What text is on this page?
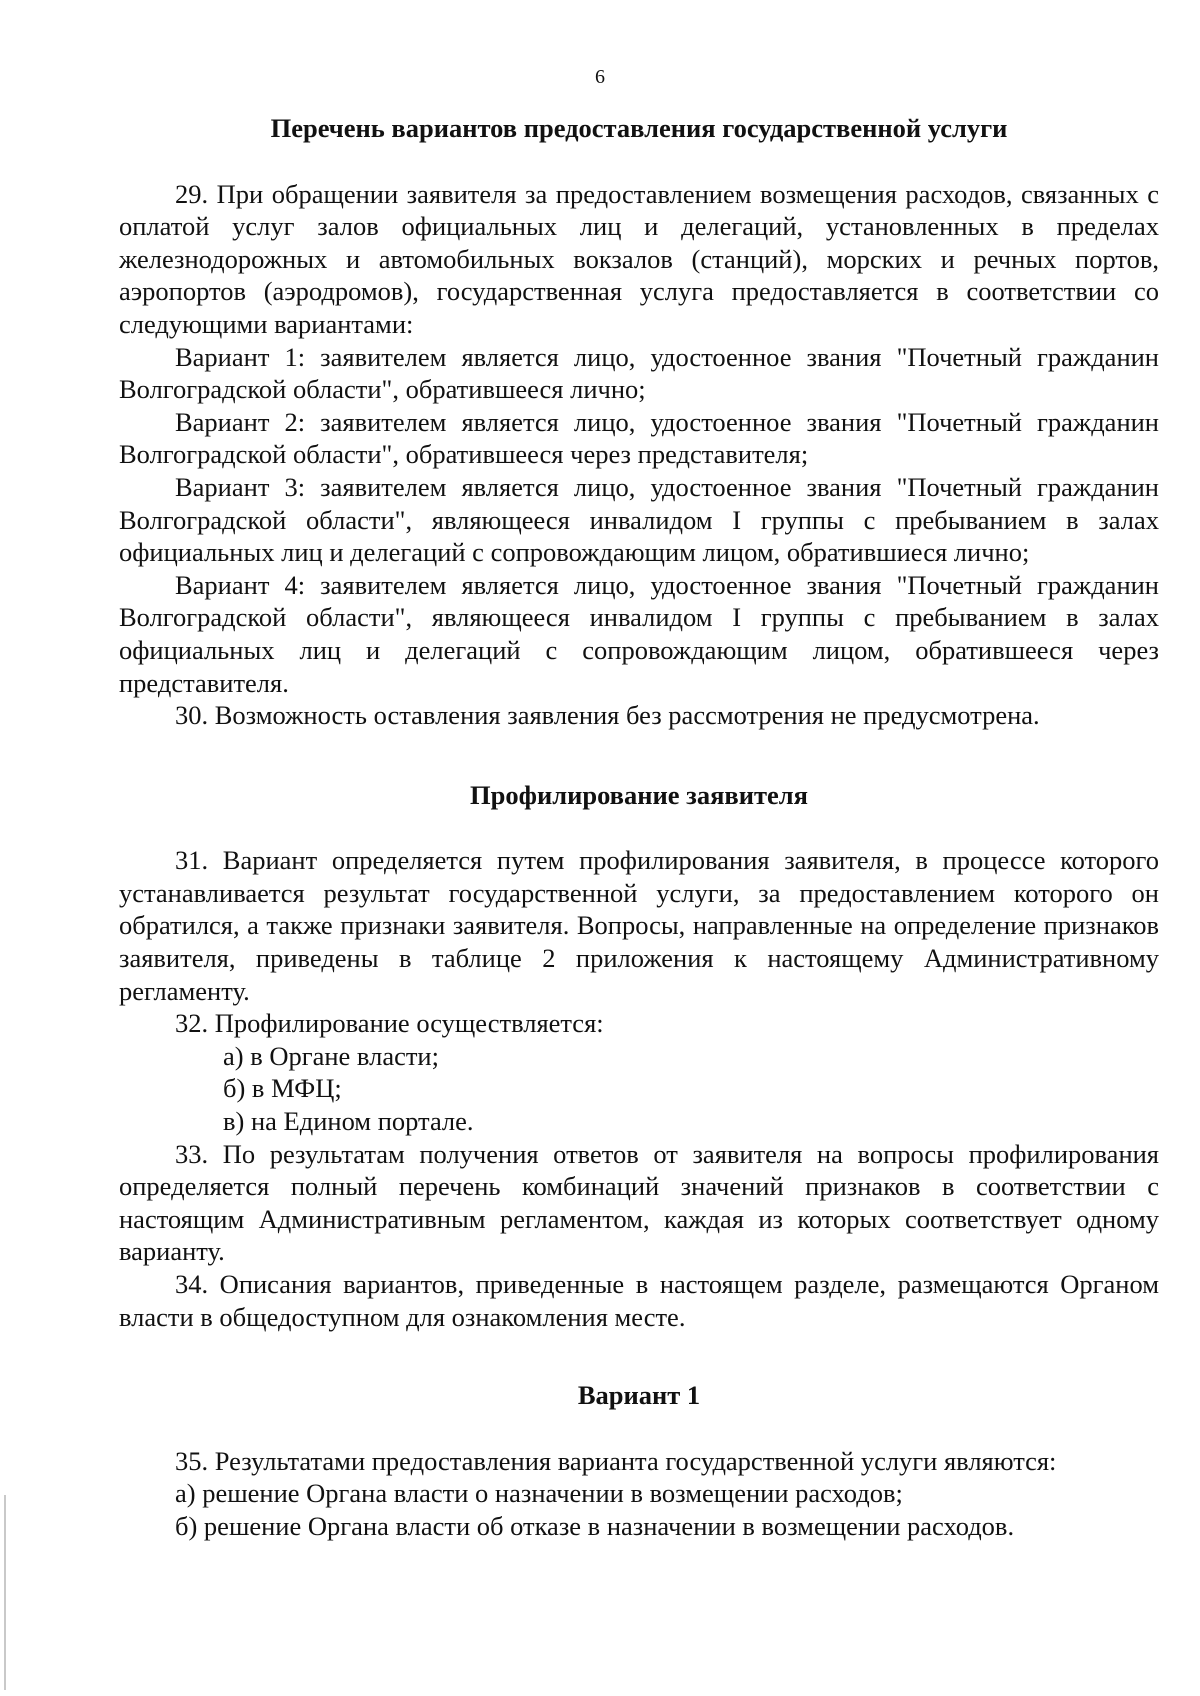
6
Перечень вариантов предоставления государственной услуги

29. При обращении заявителя за предоставлением возмещения расходов, связанных с оплатой услуг залов официальных лиц и делегаций, установленных в пределах железнодорожных и автомобильных вокзалов (станций), морских и речных портов, аэропортов (аэродромов), государственная услуга предоставляется в соответствии со следующими вариантами:

Вариант 1: заявителем является лицо, удостоенное звания "Почетный гражданин Волгоградской области", обратившееся лично;

Вариант 2: заявителем является лицо, удостоенное звания "Почетный гражданин Волгоградской области", обратившееся через представителя;

Вариант 3: заявителем является лицо, удостоенное звания "Почетный гражданин Волгоградской области", являющееся инвалидом I группы с пребыванием в залах официальных лиц и делегаций с сопровождающим лицом, обратившиеся лично;

Вариант 4: заявителем является лицо, удостоенное звания "Почетный гражданин Волгоградской области", являющееся инвалидом I группы с пребыванием в залах официальных лиц и делегаций с сопровождающим лицом, обратившееся через представителя.

30. Возможность оставления заявления без рассмотрения не предусмотрена.

Профилирование заявителя

31. Вариант определяется путем профилирования заявителя, в процессе которого устанавливается результат государственной услуги, за предоставлением которого он обратился, а также признаки заявителя. Вопросы, направленные на определение признаков заявителя, приведены в таблице 2 приложения к настоящему Административному регламенту.

32. Профилирование осуществляется:

а) в Органе власти;

б) в МФЦ;

в) на Едином портале.

33. По результатам получения ответов от заявителя на вопросы профилирования определяется полный перечень комбинаций значений признаков в соответствии с настоящим Административным регламентом, каждая из которых соответствует одному варианту.

34. Описания вариантов, приведенные в настоящем разделе, размещаются Органом власти в общедоступном для ознакомления месте.

Вариант 1

35. Результатами предоставления варианта государственной услуги являются:

а) решение Органа власти о назначении в возмещении расходов;

б) решение Органа власти об отказе в назначении в возмещении расходов.
